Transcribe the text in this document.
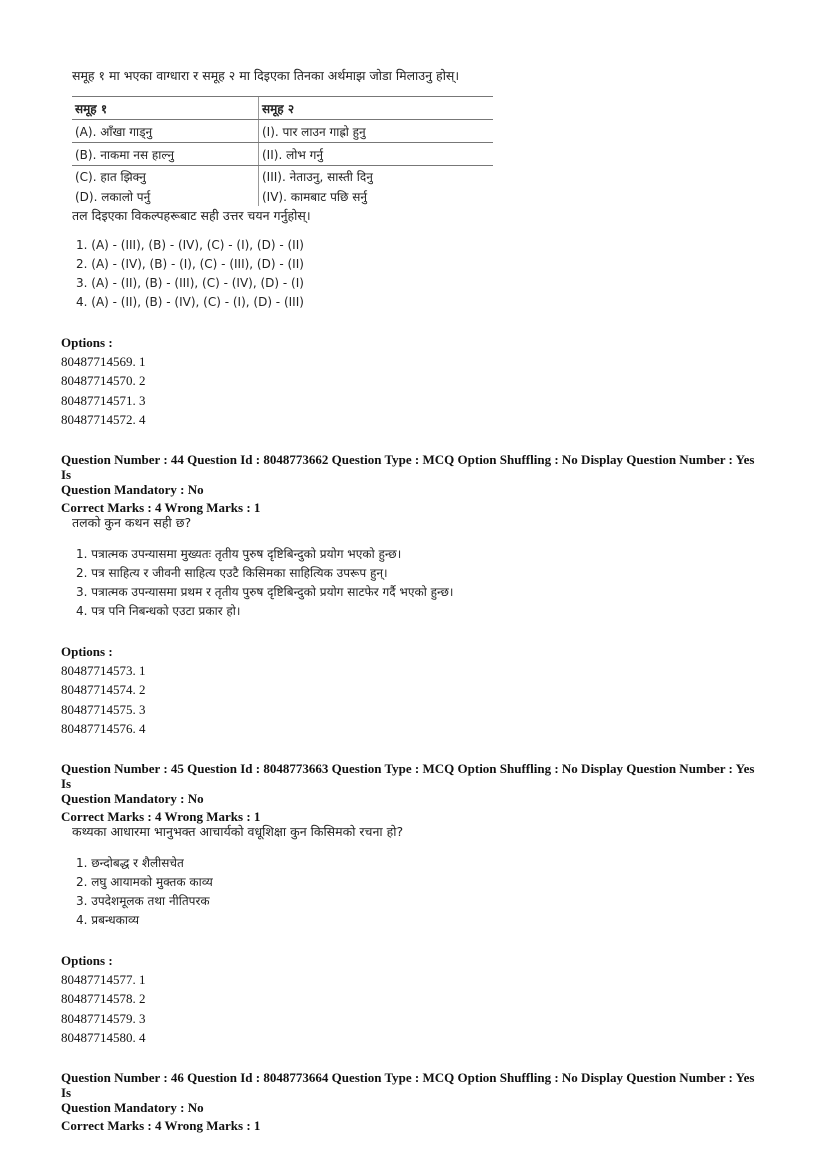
समूह १ मा भएका वाग्धारा र समूह २ मा दिइएका तिनका अर्थमाझ जोडा मिलाउनु होस्।
समूह १	समूह २
(A). आँखा गाड्नु	(I). पार लाउन गाह्रो हुनु
(B). नाकमा नस हाल्नु	(II). लोभ गर्नु
(C). हात झिक्नु	(III). नेताउनु, सास्ती दिनु
(D). लकालो पर्नु	(IV). कामबाट पछि सर्नु
तल दिइएका विकल्पहरूबाट सही उत्तर चयन गर्नुहोस्।
1. (A) - (III), (B) - (IV), (C) - (I), (D) - (II)
2. (A) - (IV), (B) - (I), (C) - (III), (D) - (II)
3. (A) - (II), (B) - (III), (C) - (IV), (D) - (I)
4. (A) - (II), (B) - (IV), (C) - (I), (D) - (III)
Options :
80487714569. 1
80487714570. 2
80487714571. 3
80487714572. 4
Question Number : 44 Question Id : 8048773662 Question Type : MCQ Option Shuffling : No Display Question Number : Yes Is
Question Mandatory : No
Correct Marks : 4 Wrong Marks : 1
तलको कुन कथन सही छ?
1. पत्रात्मक उपन्यासमा मुख्यतः तृतीय पुरुष दृष्टिबिन्दुको प्रयोग भएको हुन्छ।
2. पत्र साहित्य र जीवनी साहित्य एउटै किसिमका साहित्यिक उपरूप हुन्।
3. पत्रात्मक उपन्यासमा प्रथम र तृतीय पुरुष दृष्टिबिन्दुको प्रयोग साटफेर गर्दै भएको हुन्छ।
4. पत्र पनि निबन्धको एउटा प्रकार हो।
Options :
80487714573. 1
80487714574. 2
80487714575. 3
80487714576. 4
Question Number : 45 Question Id : 8048773663 Question Type : MCQ Option Shuffling : No Display Question Number : Yes Is
Question Mandatory : No
Correct Marks : 4 Wrong Marks : 1
कथ्यका आधारमा भानुभक्त आचार्यको वधूशिक्षा कुन किसिमको रचना हो?
1. छन्दोबद्ध र शैलीसचेत
2. लघु आयामको मुक्तक काव्य
3. उपदेशमूलक तथा नीतिपरक
4. प्रबन्धकाव्य
Options :
80487714577. 1
80487714578. 2
80487714579. 3
80487714580. 4
Question Number : 46 Question Id : 8048773664 Question Type : MCQ Option Shuffling : No Display Question Number : Yes Is
Question Mandatory : No
Correct Marks : 4 Wrong Marks : 1
